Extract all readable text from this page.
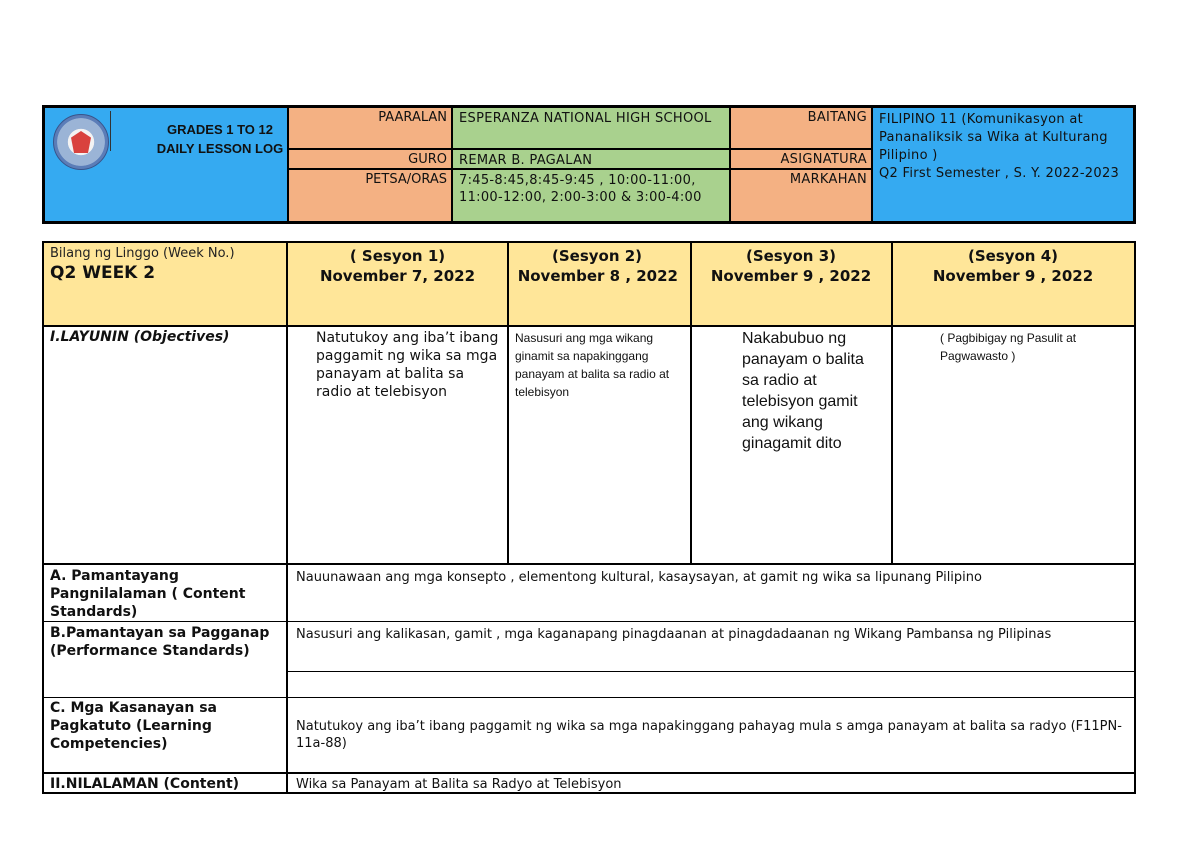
GRADES 1 TO 12
DAILY LESSON LOG
PAARALAN
GURO
PETSA/ORAS
ESPERANZA NATIONAL HIGH SCHOOL
REMAR B. PAGALAN
7:45-8:45,8:45-9:45 , 10:00-11:00, 11:00-12:00, 2:00-3:00 & 3:00-4:00
BAITANG
ASIGNATURA
MARKAHAN
FILIPINO 11 (Komunikasyon at Pananaliksik sa Wika at Kulturang Pilipino )
Q2 First Semester , S. Y. 2022-2023
Bilang ng Linggo (Week No.)
Q2 WEEK 2
( Sesyon 1)
November 7, 2022
(Sesyon 2)
November 8 , 2022
(Sesyon 3)
November 9 , 2022
(Sesyon 4)
November 9 , 2022
I.LAYUNIN (Objectives)	Natutukoy ang iba’t ibang paggamit ng wika sa mga panayam at balita sa radio at telebisyon
Nasusuri ang mga wikang ginamit sa napakinggang panayam at balita sa radio at telebisyon
Nakabubuo ng panayam o balita sa radio at telebisyon gamit ang wikang ginagamit dito
( Pagbibigay ng Pasulit at Pagwawasto )
A. Pamantayang Pangnilalaman ( Content Standards)
Nauunawaan ang mga konsepto , elementong kultural, kasaysayan, at gamit ng wika sa lipunang Pilipino
B.Pamantayan sa Pagganap (Performance Standards)
Nasusuri ang kalikasan, gamit , mga kaganapang pinagdaanan at pinagdadaanan ng Wikang Pambansa ng Pilipinas
C. Mga Kasanayan sa Pagkatuto (Learning Competencies)
Natutukoy ang iba’t ibang paggamit ng wika sa mga napakinggang pahayag mula s amga panayam at balita sa radyo (F11PN-11a-88)
II.NILALAMAN (Content)	Wika sa Panayam at Balita sa Radyo at Telebisyon
